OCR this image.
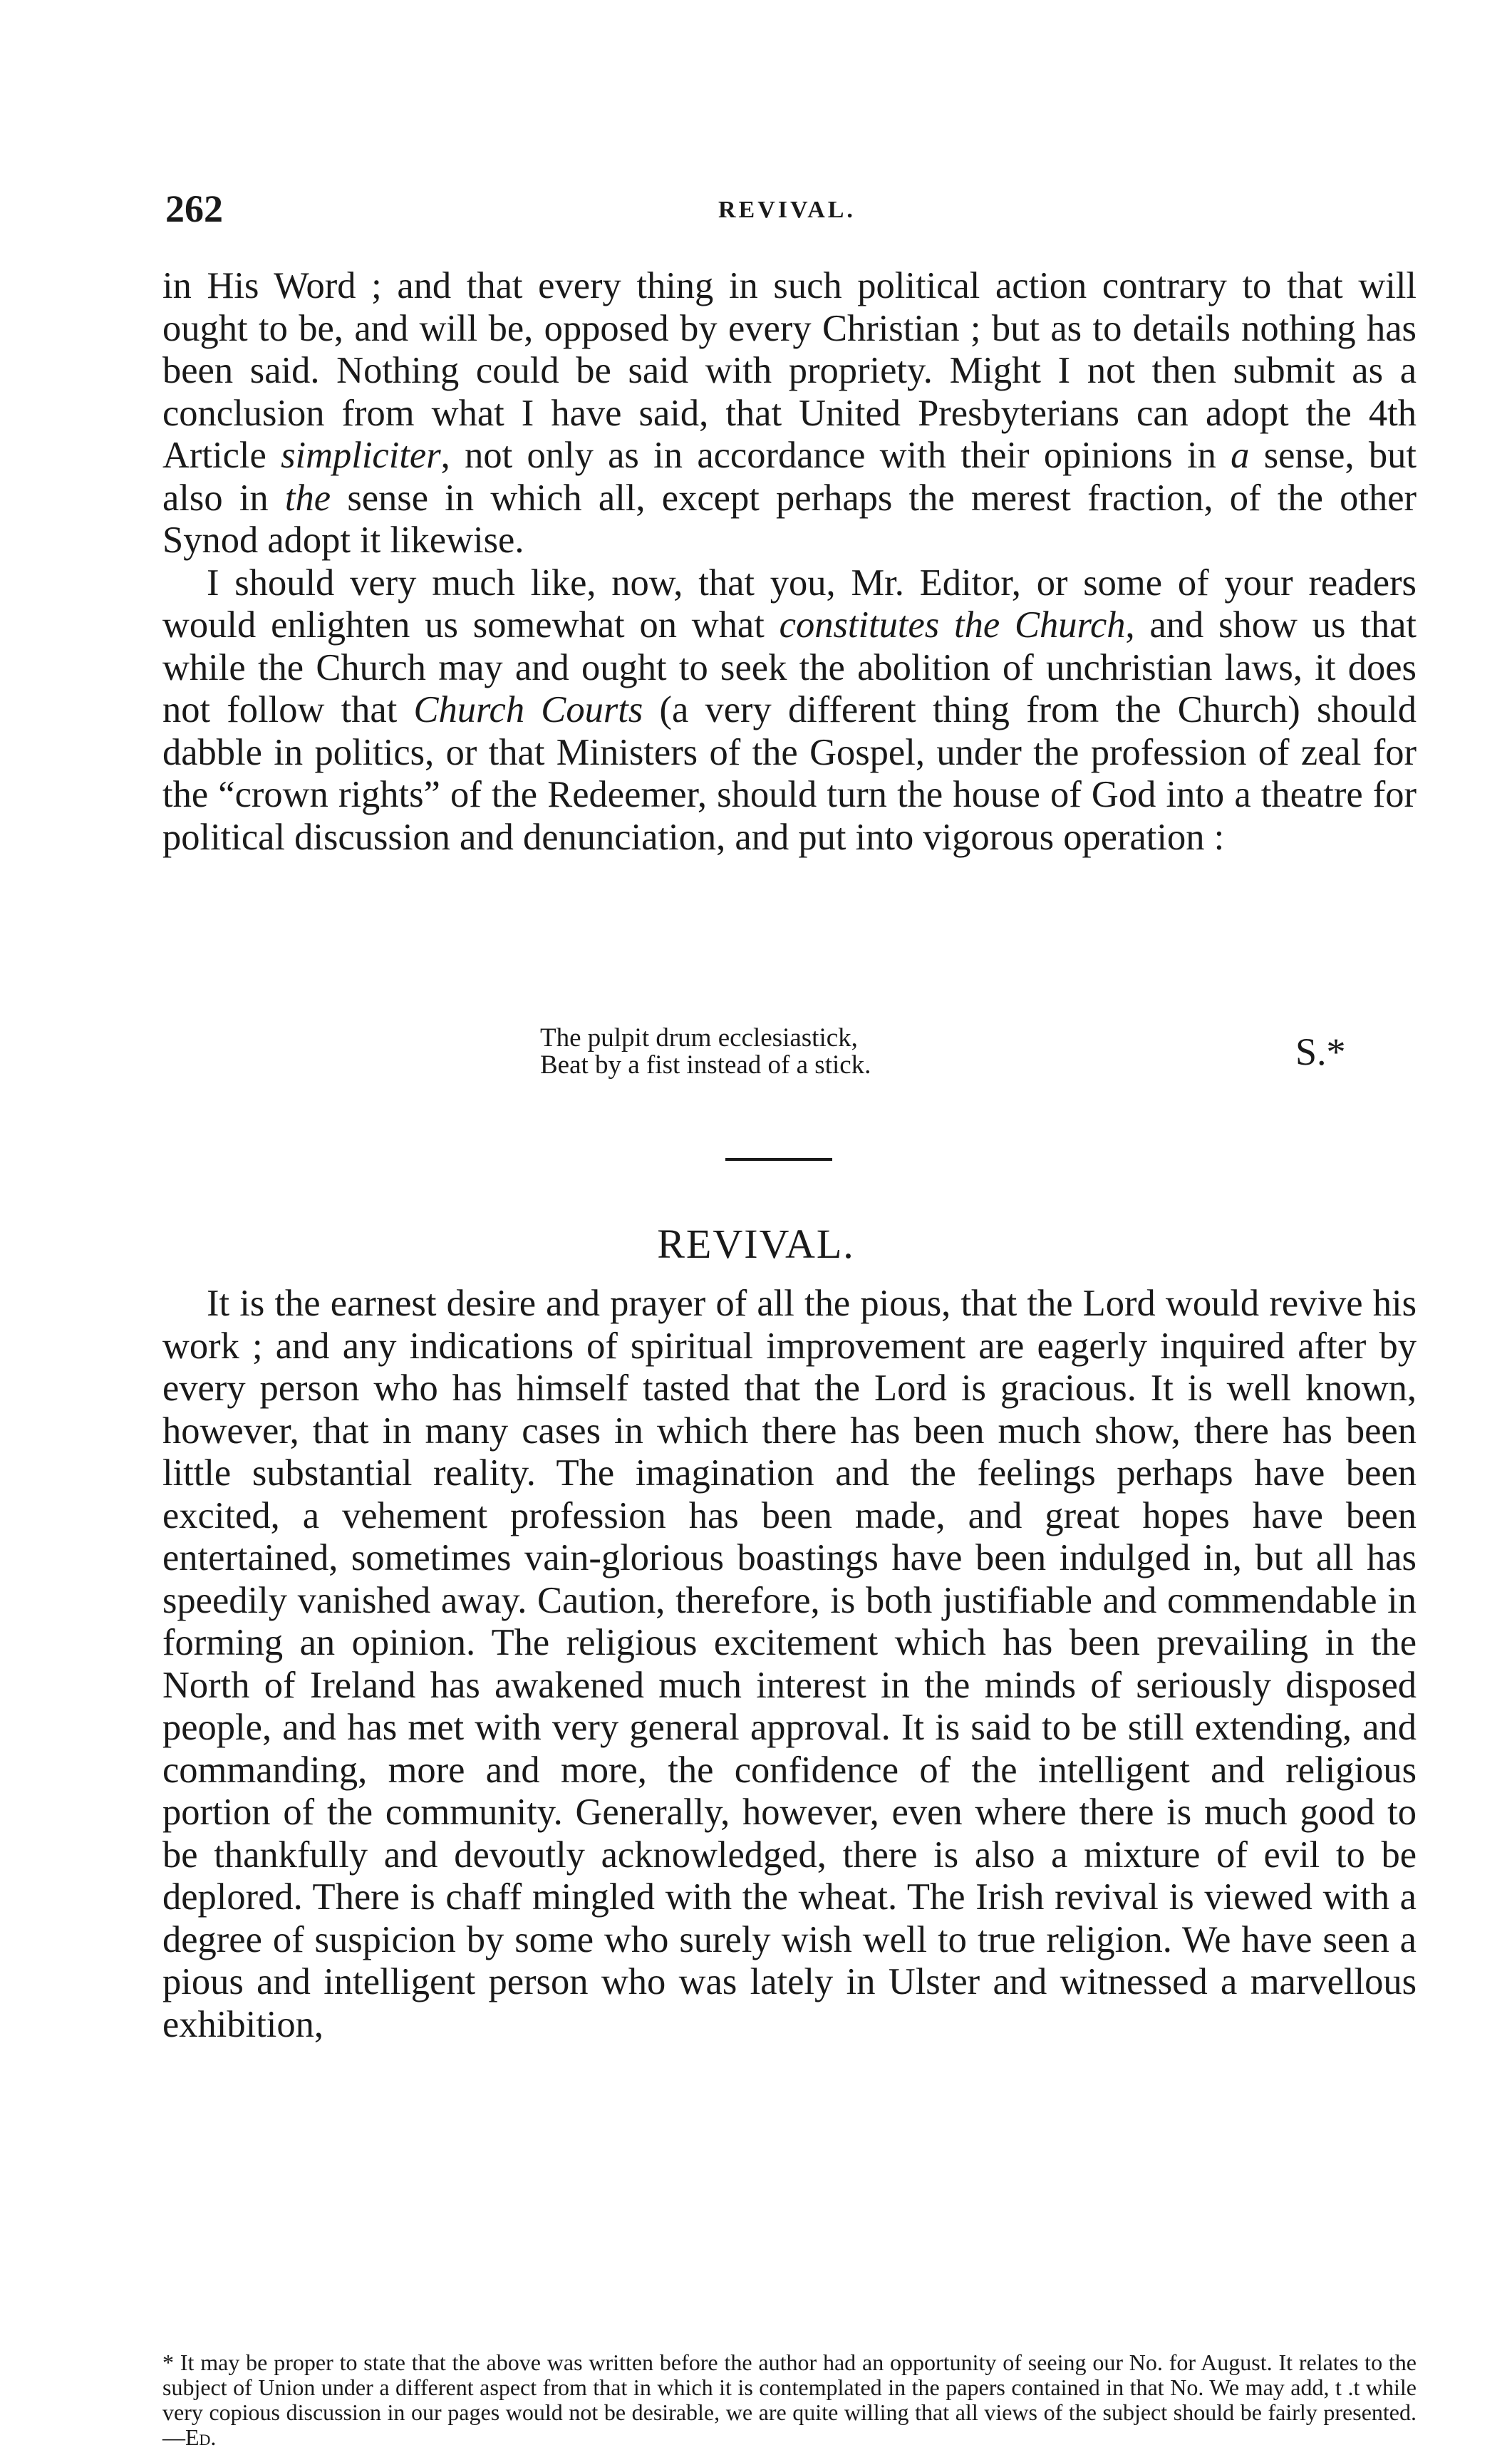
262	REVIVAL.

in His Word ; and that every thing in such political action contrary to that will ought to be, and will be, opposed by every Christian ; but as to details nothing has been said. Nothing could be said with propriety. Might I not then submit as a conclusion from what I have said, that United Presbyterians can adopt the 4th Article simpliciter, not only as in accordance with their opinions in a sense, but also in the sense in which all, except perhaps the merest fraction, of the other Synod adopt it likewise.

I should very much like, now, that you, Mr. Editor, or some of your readers would enlighten us somewhat on what constitutes the Church, and show us that while the Church may and ought to seek the abolition of unchristian laws, it does not follow that Church Courts (a very different thing from the Church) should dabble in politics, or that Ministers of the Gospel, under the profession of zeal for the “crown rights” of the Redeemer, should turn the house of God into a theatre for political discussion and denunciation, and put into vigorous operation :

The pulpit drum ecclesiastick,
Beat by a fist instead of a stick.	S.*
REVIVAL.

It is the earnest desire and prayer of all the pious, that the Lord would revive his work ; and any indications of spiritual improvement are eagerly inquired after by every person who has himself tasted that the Lord is gracious. It is well known, however, that in many cases in which there has been much show, there has been little substantial reality. The imagination and the feelings perhaps have been excited, a vehement profession has been made, and great hopes have been entertained, sometimes vain-glorious boastings have been indulged in, but all has speedily vanished away. Caution, therefore, is both justifiable and commendable in forming an opinion. The religious excitement which has been prevailing in the North of Ireland has awakened much interest in the minds of seriously disposed people, and has met with very general approval. It is said to be still extending, and commanding, more and more, the confidence of the intelligent and religious portion of the community. Generally, however, even where there is much good to be thankfully and devoutly acknowledged, there is also a mixture of evil to be deplored. There is chaff mingled with the wheat. The Irish revival is viewed with a degree of suspicion by some who surely wish well to true religion. We have seen a pious and intelligent person who was lately in Ulster and witnessed a marvellous exhibition,

* It may be proper to state that the above was written before the author had an opportunity of seeing our No. for August. It relates to the subject of Union under a different aspect from that in which it is contemplated in the papers contained in that No. We may add, t .t while very copious discussion in our pages would not be desirable, we are quite willing that all views of the subject should be fairly presented.—Ed.
